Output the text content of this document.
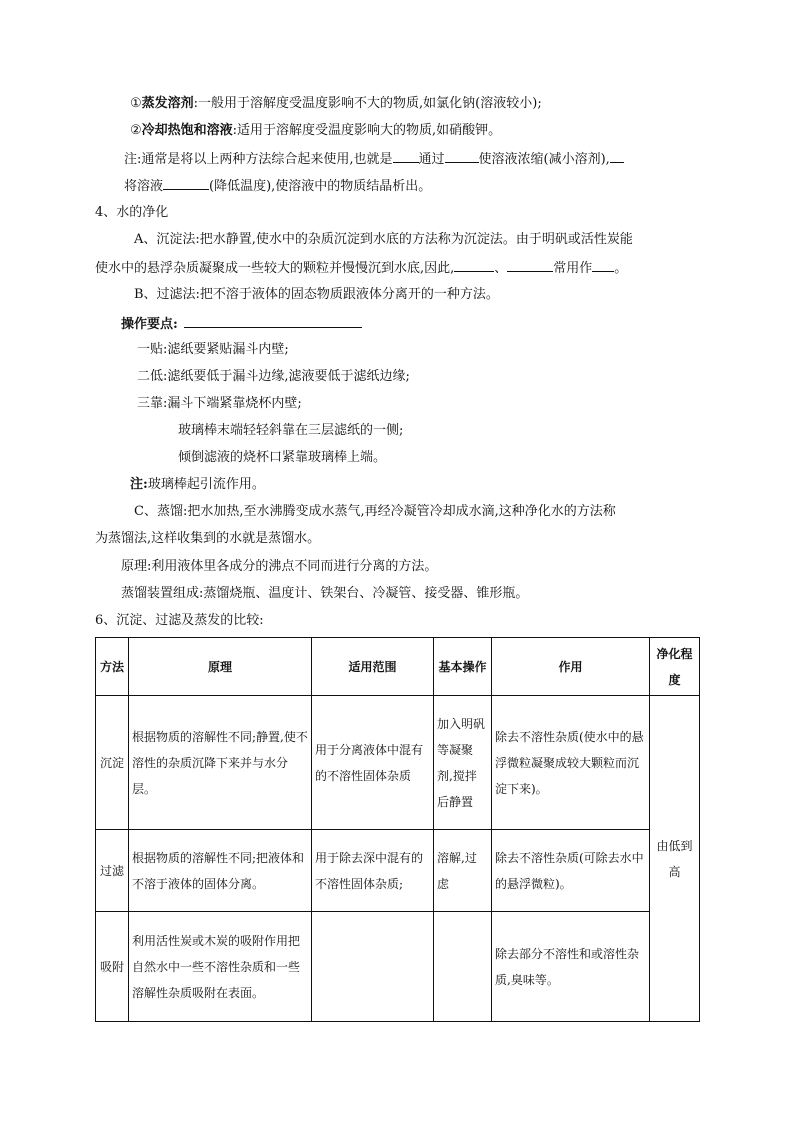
①蒸发溶剂:一般用于溶解度受温度影响不大的物质,如氯化钠(溶液较小);
②冷却热饱和溶液:适用于溶解度受温度影响大的物质,如硝酸钾。
注:通常是将以上两种方法综合起来使用,也就是 通过	使溶液浓缩(减小溶剂),
将溶液	(降低温度),使溶液中的物质结晶析出。
4、水的净化
A、沉淀法:把水静置,使水中的杂质沉淀到水底的方法称为沉淀法。由于明矾或活性炭能
使水中的悬浮杂质凝聚成一些较大的颗粒并慢慢沉到水底,因此,	、	常用作 。
B、过滤法:把不溶于液体的固态物质跟液体分离开的一种方法。
操作要点:
一贴:滤纸要紧贴漏斗内壁;
二低:滤纸要低于漏斗边缘,滤液要低于滤纸边缘;
三靠:漏斗下端紧靠烧杯内壁;
玻璃棒末端轻轻斜靠在三层滤纸的一侧;
倾倒滤液的烧杯口紧靠玻璃棒上端。
注:玻璃棒起引流作用。
C、蒸馏:把水加热,至水沸腾变成水蒸气,再经冷凝管冷却成水滴,这种净化水的方法称
为蒸馏法,这样收集到的水就是蒸馏水。
原理:利用液体里各成分的沸点不同而进行分离的方法。
蒸馏装置组成:蒸馏烧瓶、温度计、铁架台、冷凝管、接受器、锥形瓶。
6、沉淀、过滤及蒸发的比较:
方法	原理	适用范围	基本操作	作用	净化程度
沉淀	根据物质的溶解性不同;静置,使不溶性的杂质沉降下来并与水分层。	用于分离液体中混有的不溶性固体杂质	加入明矾等凝聚剂,搅拌后静置	除去不溶性杂质(使水中的悬浮微粒凝聚成较大颗粒而沉淀下来)。	由低到高
过滤	根据物质的溶解性不同;把液体和不溶于液体的固体分离。	用于除去深中混有的不溶性固体杂质;	溶解,过虑	除去不溶性杂质(可除去水中的悬浮微粒)。	
吸附	利用活性炭或木炭的吸附作用把自然水中一些不溶性杂质和一些溶解性杂质吸附在表面。			除去部分不溶性和或溶性杂质,臭味等。	
